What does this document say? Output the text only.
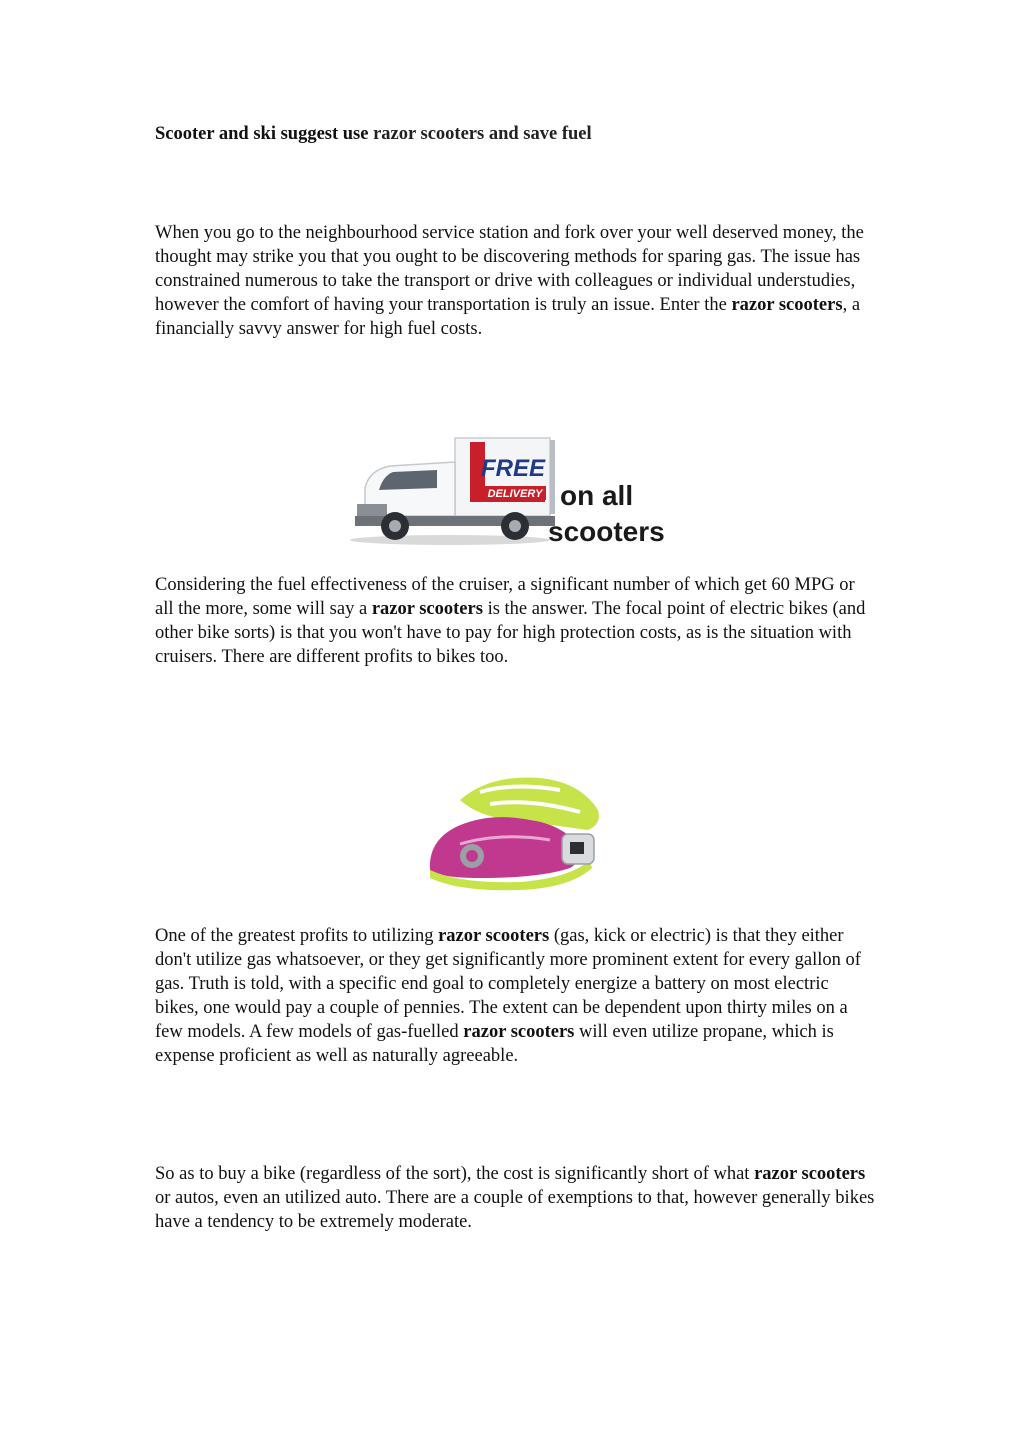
Scooter and ski suggest use razor scooters and save fuel

When you go to the neighbourhood service station and fork over your well deserved money, the thought may strike you that you ought to be discovering methods for sparing gas. The issue has constrained numerous to take the transport or drive with colleagues or individual understudies, however the comfort of having your transportation is truly an issue. Enter the razor scooters, a financially savvy answer for high fuel costs.

FREE
DELIVERY on all
scooters

Considering the fuel effectiveness of the cruiser, a significant number of which get 60 MPG or all the more, some will say a razor scooters is the answer. The focal point of electric bikes (and other bike sorts) is that you won't have to pay for high protection costs, as is the situation with cruisers. There are different profits to bikes too.

One of the greatest profits to utilizing razor scooters (gas, kick or electric) is that they either don't utilize gas whatsoever, or they get significantly more prominent extent for every gallon of gas. Truth is told, with a specific end goal to completely energize a battery on most electric bikes, one would pay a couple of pennies. The extent can be dependent upon thirty miles on a few models. A few models of gas-fuelled razor scooters will even utilize propane, which is expense proficient as well as naturally agreeable.

So as to buy a bike (regardless of the sort), the cost is significantly short of what razor scooters or autos, even an utilized auto. There are a couple of exemptions to that, however generally bikes have a tendency to be extremely moderate.
